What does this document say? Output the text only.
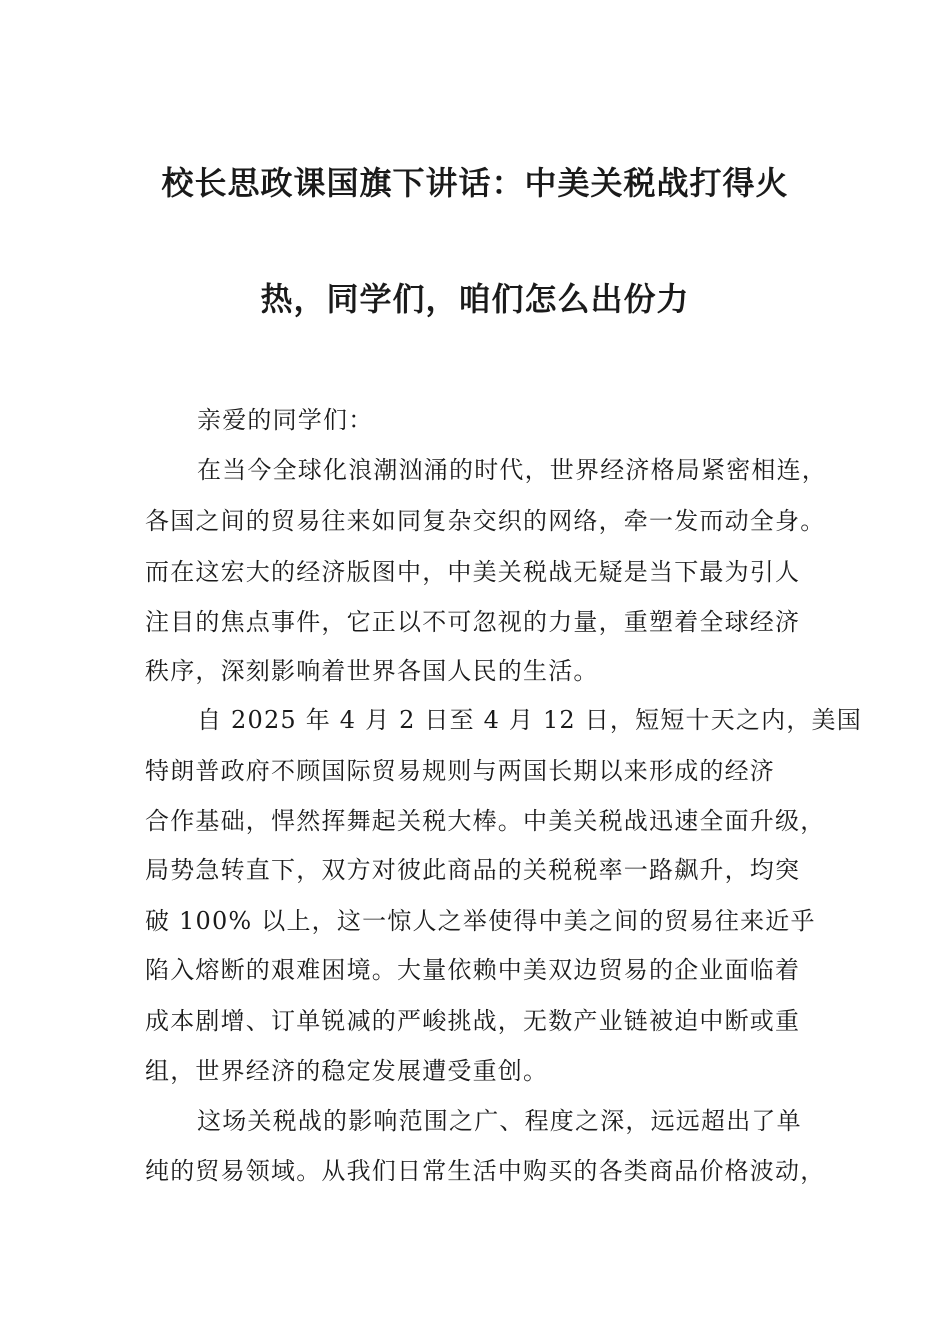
校长思政课国旗下讲话：中美关税战打得火
热，同学们，咱们怎么出份力
亲爱的同学们：
在当今全球化浪潮汹涌的时代，世界经济格局紧密相连，
各国之间的贸易往来如同复杂交织的网络，牵一发而动全身。
而在这宏大的经济版图中，中美关税战无疑是当下最为引人
注目的焦点事件，它正以不可忽视的力量，重塑着全球经济
秩序，深刻影响着世界各国人民的生活。
自 2025 年 4 月 2 日至 4 月 12 日，短短十天之内，美国
特朗普政府不顾国际贸易规则与两国长期以来形成的经济
合作基础，悍然挥舞起关税大棒。中美关税战迅速全面升级，
局势急转直下，双方对彼此商品的关税税率一路飙升，均突
破 100% 以上，这一惊人之举使得中美之间的贸易往来近乎
陷入熔断的艰难困境。大量依赖中美双边贸易的企业面临着
成本剧增、订单锐减的严峻挑战，无数产业链被迫中断或重
组，世界经济的稳定发展遭受重创。
这场关税战的影响范围之广、程度之深，远远超出了单
纯的贸易领域。从我们日常生活中购买的各类商品价格波动，
